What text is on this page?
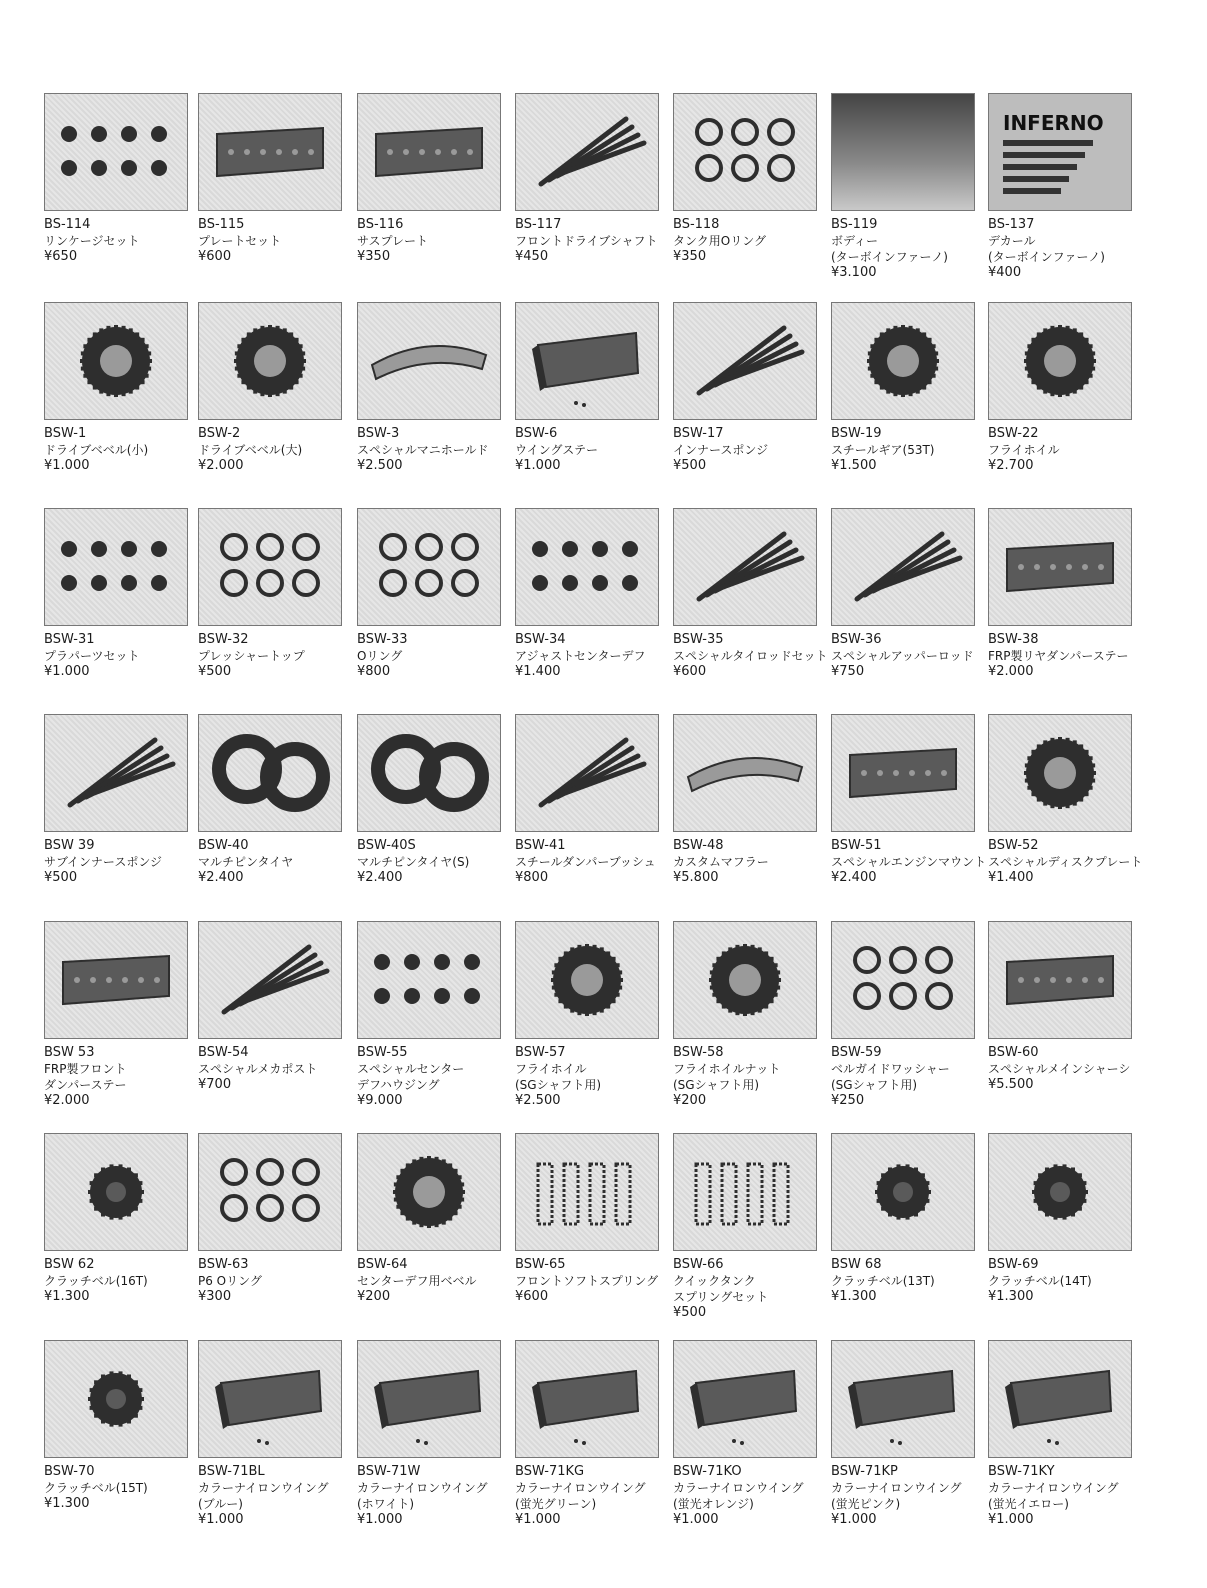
BS-114
リンケージセット
¥650
BS-115
プレートセット
¥600
BS-116
サスプレート
¥350
BS-117
フロントドライブシャフト
¥450
BS-118
タンク用Oリング
¥350
BS-119
ボディー
(ターボインファーノ)
¥3.100
INFERNO
BS-137
デカール
(ターボインファーノ)
¥400
BSW-1
ドライブベベル(小)
¥1.000
BSW-2
ドライブベベル(大)
¥2.000
BSW-3
スペシャルマニホールド
¥2.500
BSW-6
ウイングステー
¥1.000
BSW-17
インナースポンジ
¥500
BSW-19
スチールギア(53T)
¥1.500
BSW-22
フライホイル
¥2.700
BSW-31
プラパーツセット
¥1.000
BSW-32
プレッシャートップ
¥500
BSW-33
Oリング
¥800
BSW-34
アジャストセンターデフ
¥1.400
BSW-35
スペシャルタイロッドセット
¥600
BSW-36
スペシャルアッパーロッド
¥750
BSW-38
FRP製リヤダンパーステー
¥2.000
BSW 39
サブインナースポンジ
¥500
BSW-40
マルチピンタイヤ
¥2.400
BSW-40S
マルチピンタイヤ(S)
¥2.400
BSW-41
スチールダンパーブッシュ
¥800
BSW-48
カスタムマフラー
¥5.800
BSW-51
スペシャルエンジンマウント
¥2.400
BSW-52
スペシャルディスクプレート
¥1.400
BSW 53
FRP製フロント
ダンパーステー
¥2.000
BSW-54
スペシャルメカポスト
¥700
BSW-55
スペシャルセンター
デフハウジング
¥9.000
BSW-57
フライホイル
(SGシャフト用)
¥2.500
BSW-58
フライホイルナット
(SGシャフト用)
¥200
BSW-59
ベルガイドワッシャー
(SGシャフト用)
¥250
BSW-60
スペシャルメインシャーシ
¥5.500
BSW 62
クラッチベル(16T)
¥1.300
BSW-63
P6 Oリング
¥300
BSW-64
センターデフ用ベベル
¥200
BSW-65
フロントソフトスプリング
¥600
BSW-66
クイックタンク
スプリングセット
¥500
BSW 68
クラッチベル(13T)
¥1.300
BSW-69
クラッチベル(14T)
¥1.300
BSW-70
クラッチベル(15T)
¥1.300
BSW-71BL
カラーナイロンウイング
(ブルー)
¥1.000
BSW-71W
カラーナイロンウイング
(ホワイト)
¥1.000
BSW-71KG
カラーナイロンウイング
(蛍光グリーン)
¥1.000
BSW-71KO
カラーナイロンウイング
(蛍光オレンジ)
¥1.000
BSW-71KP
カラーナイロンウイング
(蛍光ピンク)
¥1.000
BSW-71KY
カラーナイロンウイング
(蛍光イエロー)
¥1.000
